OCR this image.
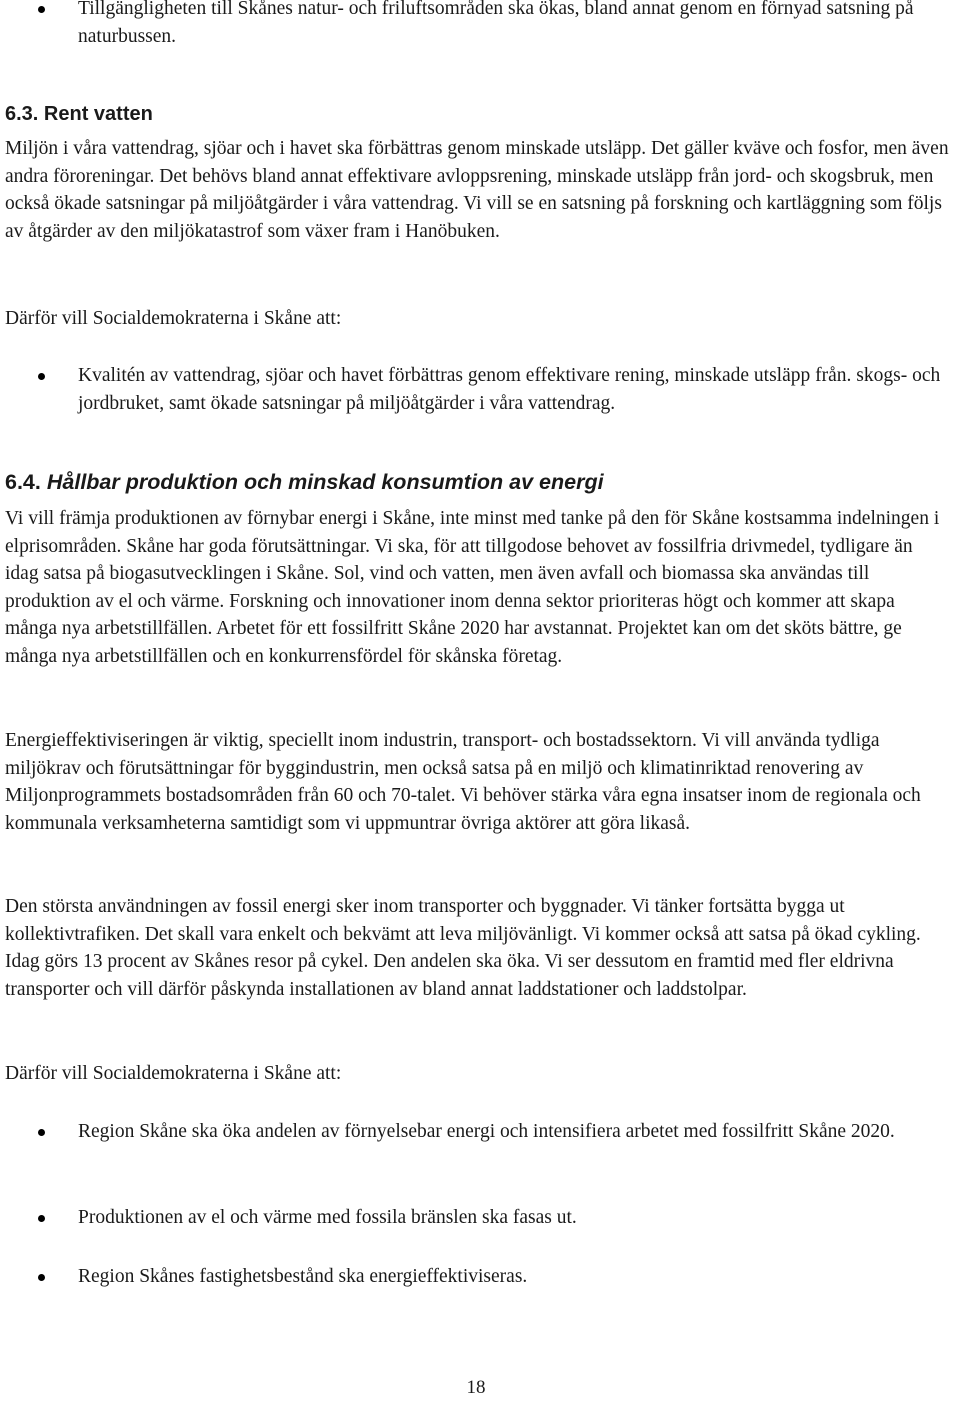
Tillgängligheten till Skånes natur- och friluftsområden ska ökas, bland annat genom en förnyad satsning på naturbussen.
6.3. Rent vatten
Miljön i våra vattendrag, sjöar och i havet ska förbättras genom minskade utsläpp. Det gäller kväve och fosfor, men även andra föroreningar. Det behövs bland annat effektivare avloppsrening, minskade utsläpp från jord- och skogsbruk, men också ökade satsningar på miljöåtgärder i våra vattendrag. Vi vill se en satsning på forskning och kartläggning som följs av åtgärder av den miljökatastrof som växer fram i Hanöbuken.
Därför vill Socialdemokraterna i Skåne att:
Kvalitén av vattendrag, sjöar och havet förbättras genom effektivare rening, minskade utsläpp från. skogs- och jordbruket, samt ökade satsningar på miljöåtgärder i våra vattendrag.
6.4. Hållbar produktion och minskad konsumtion av energi
Vi vill främja produktionen av förnybar energi i Skåne, inte minst med tanke på den för Skåne kostsamma indelningen i elprisområden. Skåne har goda förutsättningar. Vi ska, för att tillgodose behovet av fossilfria drivmedel, tydligare än idag satsa på biogasutvecklingen i Skåne. Sol, vind och vatten, men även avfall och biomassa ska användas till produktion av el och värme. Forskning och innovationer inom denna sektor prioriteras högt och kommer att skapa många nya arbetstillfällen. Arbetet för ett fossilfritt Skåne 2020 har avstannat. Projektet kan om det sköts bättre, ge många nya arbetstillfällen och en konkurrensfördel för skånska företag.
Energieffektiviseringen är viktig, speciellt inom industrin, transport- och bostadssektorn. Vi vill använda tydliga miljökrav och förutsättningar för byggindustrin, men också satsa på en miljö och klimatinriktad renovering av Miljonprogrammets bostadsområden från 60 och 70-talet. Vi behöver stärka våra egna insatser inom de regionala och kommunala verksamheterna samtidigt som vi uppmuntrar övriga aktörer att göra likaså.
Den största användningen av fossil energi sker inom transporter och byggnader. Vi tänker fortsätta bygga ut kollektivtrafiken. Det skall vara enkelt och bekvämt att leva miljövänligt. Vi kommer också att satsa på ökad cykling. Idag görs 13 procent av Skånes resor på cykel. Den andelen ska öka. Vi ser dessutom en framtid med fler eldrivna transporter och vill därför påskynda installationen av bland annat laddstationer och laddstolpar.
Därför vill Socialdemokraterna i Skåne att:
Region Skåne ska öka andelen av förnyelsebar energi och intensifiera arbetet med fossilfritt Skåne 2020.
Produktionen av el och värme med fossila bränslen ska fasas ut.
Region Skånes fastighetsbestånd ska energieffektiviseras.
18
